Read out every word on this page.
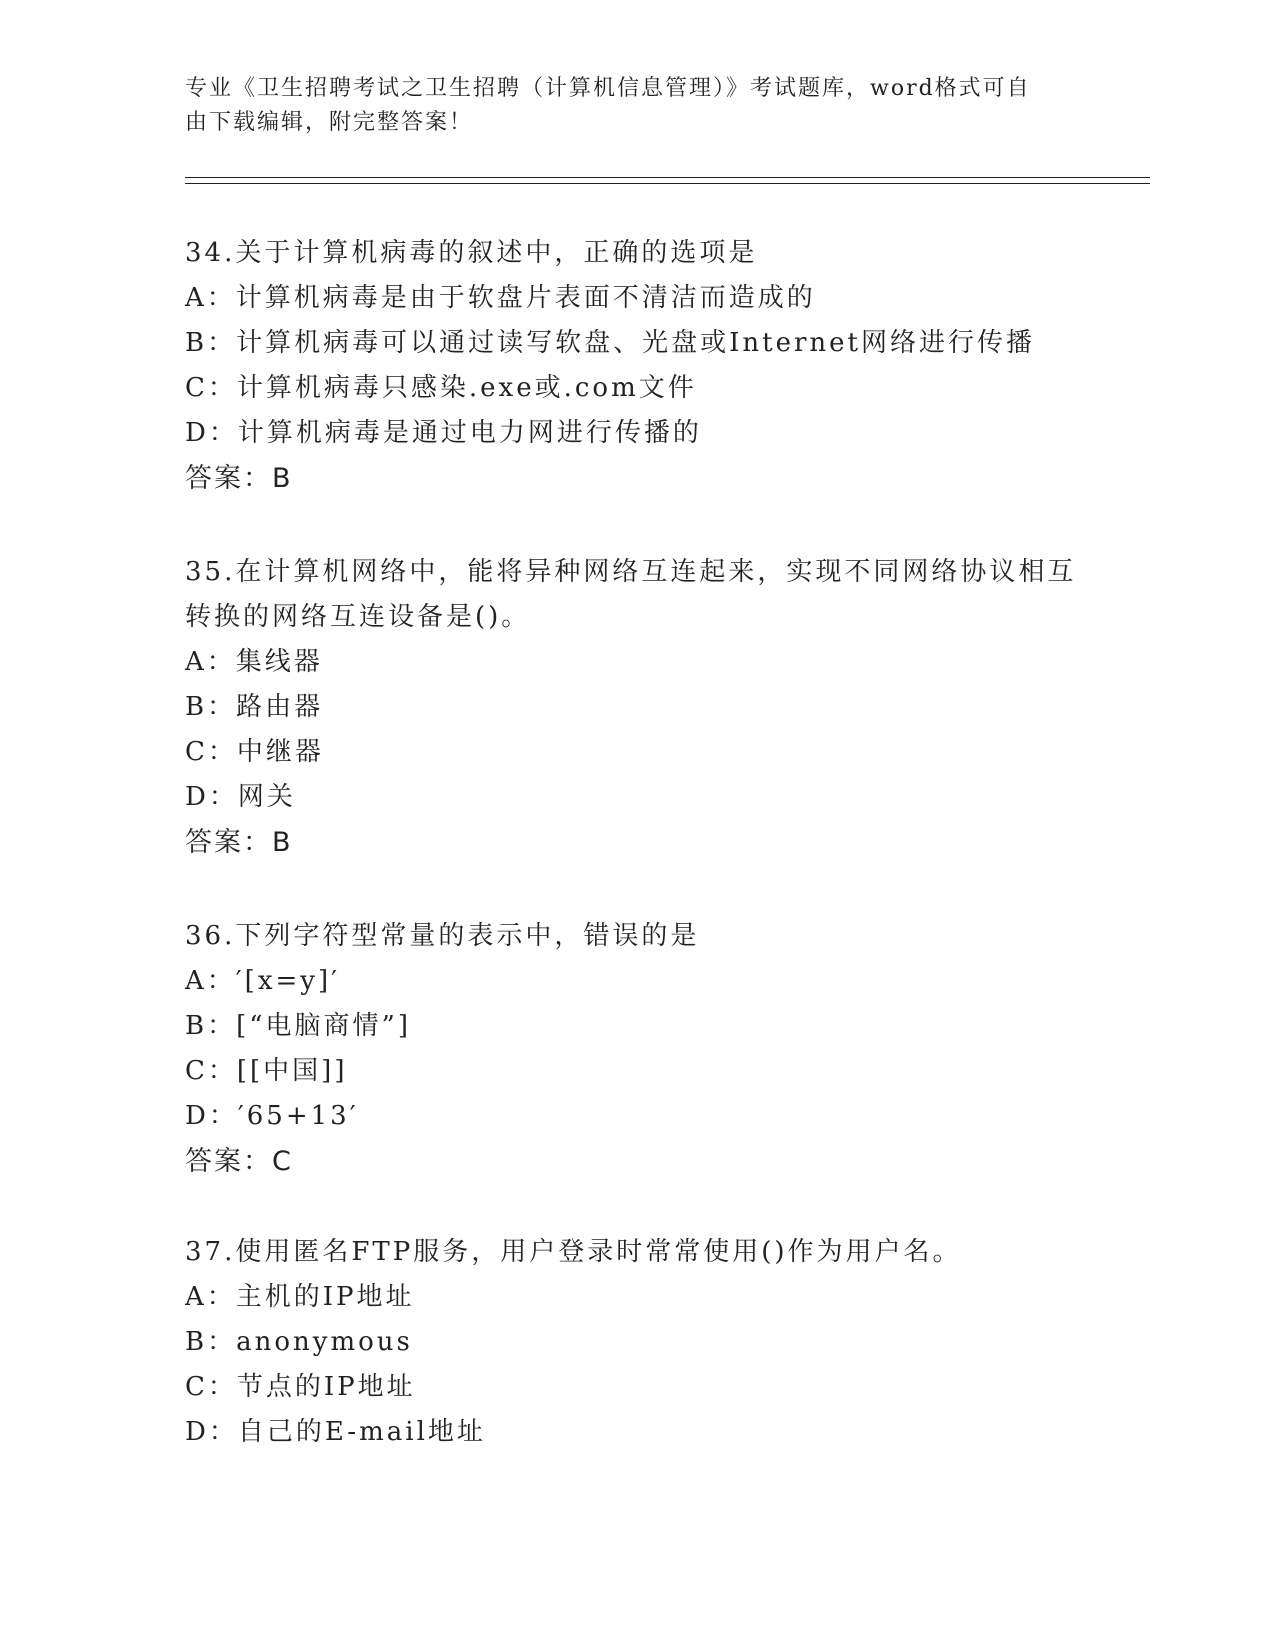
专业《卫生招聘考试之卫生招聘（计算机信息管理）》考试题库，word格式可自
由下载编辑，附完整答案！
34.关于计算机病毒的叙述中，正确的选项是
A：计算机病毒是由于软盘片表面不清洁而造成的
B：计算机病毒可以通过读写软盘、光盘或Internet网络进行传播
C：计算机病毒只感染.exe或.com文件
D：计算机病毒是通过电力网进行传播的
答案：B
35.在计算机网络中，能将异种网络互连起来，实现不同网络协议相互
转换的网络互连设备是()。
A：集线器
B：路由器
C：中继器
D：网关
答案：B
36.下列字符型常量的表示中，错误的是
A：′[x=y]′
B：[“电脑商情”]
C：[[中国]]
D：′65+13′
答案：C
37.使用匿名FTP服务，用户登录时常常使用()作为用户名。
A：主机的IP地址
B：anonymous
C：节点的IP地址
D：自己的E-mail地址
